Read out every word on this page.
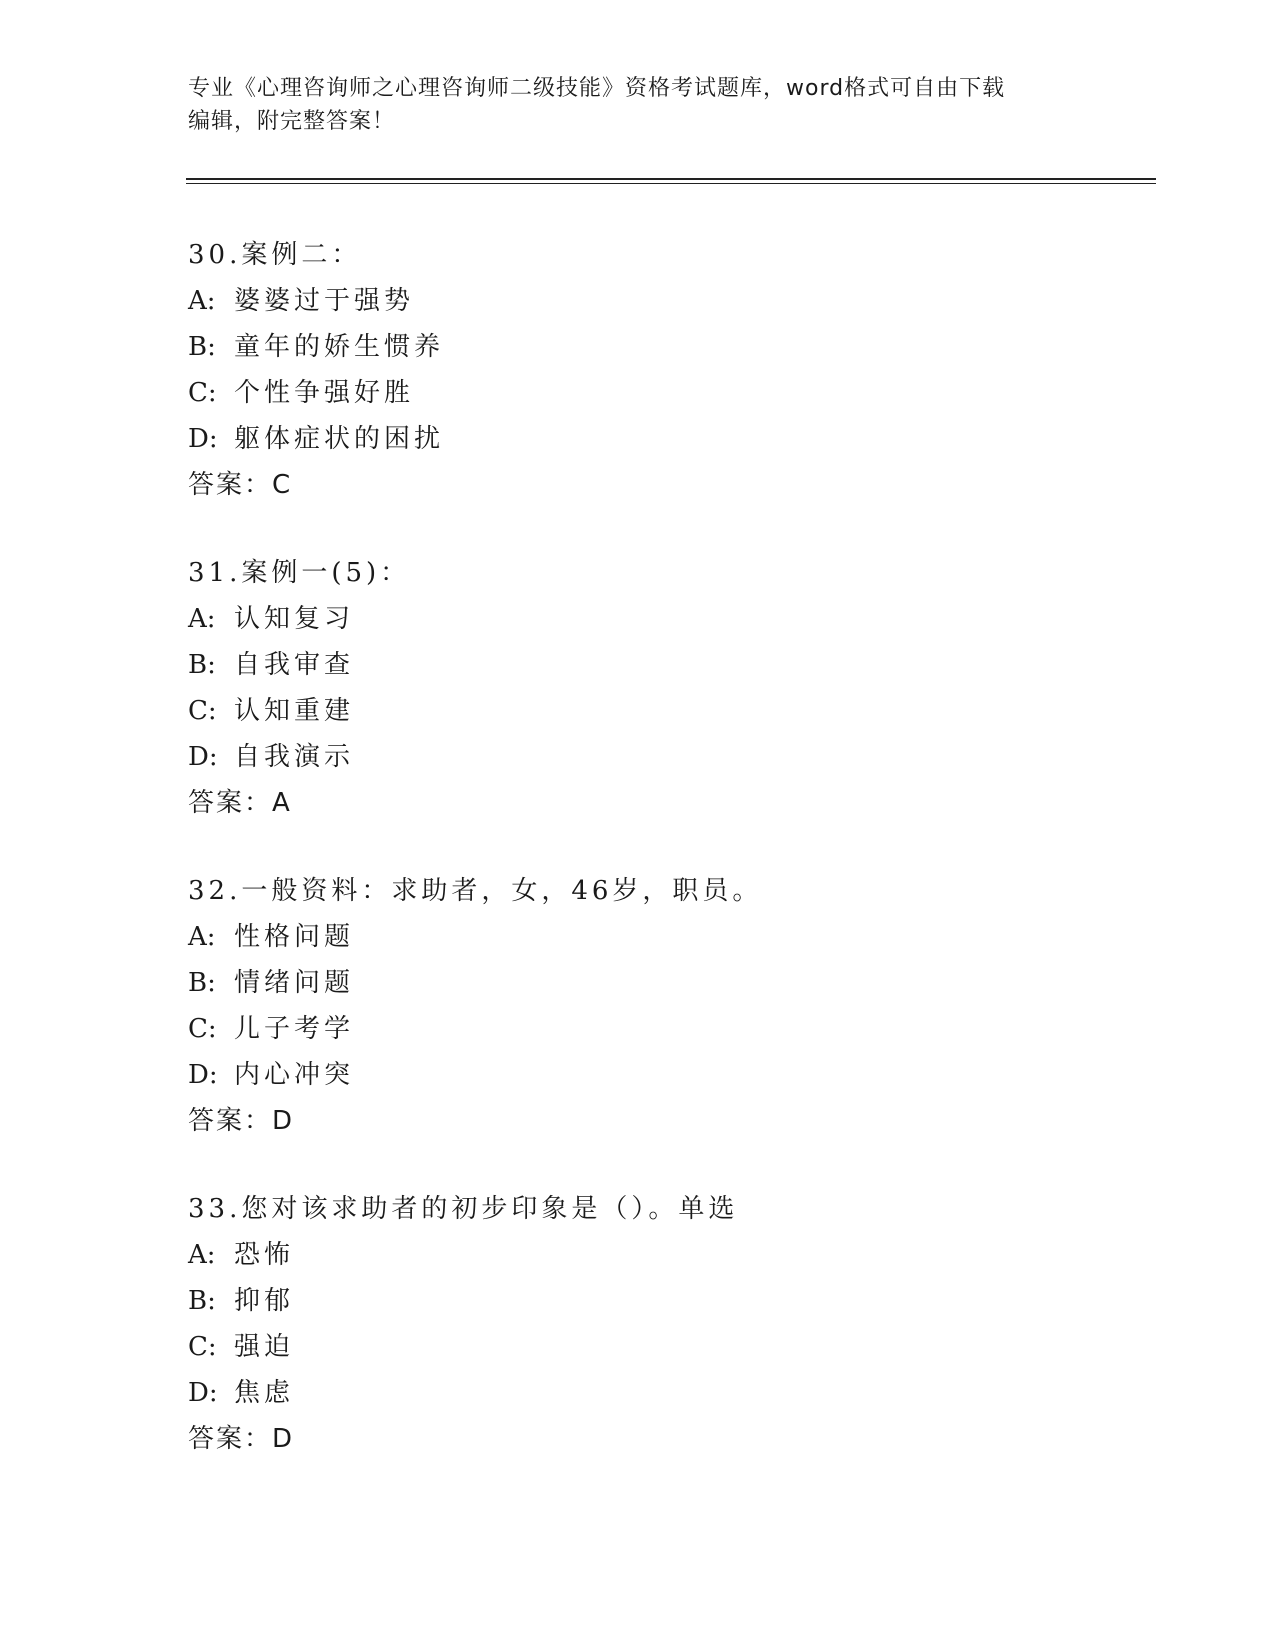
专业《心理咨询师之心理咨询师二级技能》资格考试题库，word格式可自由下载
编辑，附完整答案！
30.案例二：
A: 婆婆过于强势
B: 童年的娇生惯养
C: 个性争强好胜
D: 躯体症状的困扰
答案：C
31.案例一(5)：
A: 认知复习
B: 自我审查
C: 认知重建
D: 自我演示
答案：A
32.一般资料：求助者，女，46岁，职员。
A: 性格问题
B: 情绪问题
C: 儿子考学
D: 内心冲突
答案：D
33.您对该求助者的初步印象是（）。单选
A: 恐怖
B: 抑郁
C: 强迫
D: 焦虑
答案：D
